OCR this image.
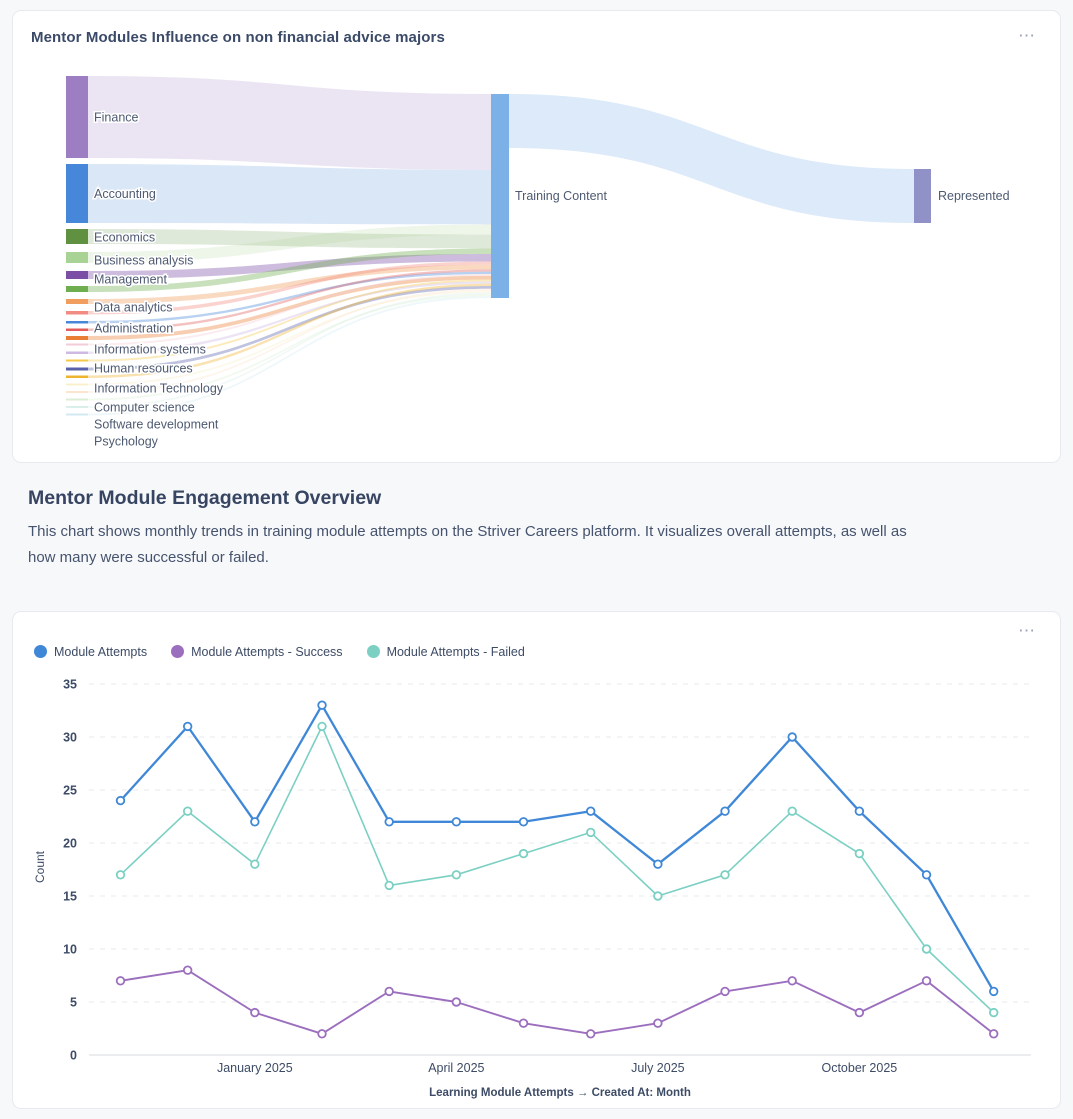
Mentor Modules Influence on non financial advice majors	⋯
Finance
Accounting
Economics
Business analysis
Management
Data analytics
Administration
Information systems
Human resources
Information Technology
Computer science
Software development
Psychology
Training Content	Represented
Mentor Module Engagement Overview

This chart shows monthly trends in training module attempts on the Striver Careers platform. It visualizes overall attempts, as well as how many were successful or failed.

⋯
Module Attempts	Module Attempts - Success	Module Attempts - Failed
0
5
10
15
20
25
30
35
Count
January 2025	April 2025	July 2025	October 2025
Learning Module Attempts → Created At: Month
